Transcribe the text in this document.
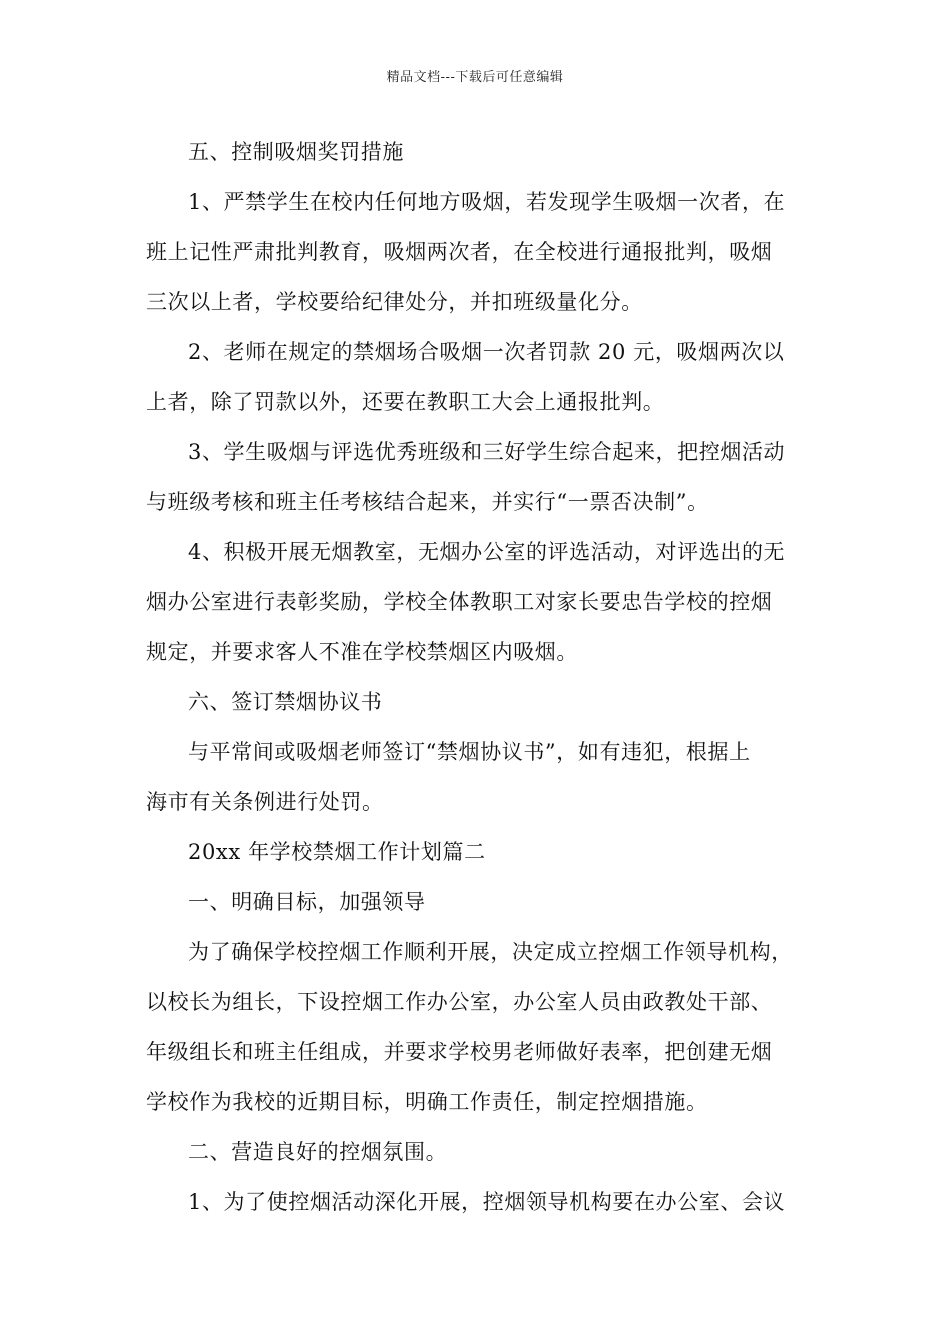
精品文档---下载后可任意编辑
五、控制吸烟奖罚措施
1、严禁学生在校内任何地方吸烟，若发现学生吸烟一次者，在
班上记性严肃批判教育，吸烟两次者，在全校进行通报批判，吸烟
三次以上者，学校要给纪律处分，并扣班级量化分。
2、老师在规定的禁烟场合吸烟一次者罚款 20 元，吸烟两次以
上者，除了罚款以外，还要在教职工大会上通报批判。
3、学生吸烟与评选优秀班级和三好学生综合起来，把控烟活动
与班级考核和班主任考核结合起来，并实行“一票否决制”。
4、积极开展无烟教室，无烟办公室的评选活动，对评选出的无
烟办公室进行表彰奖励，学校全体教职工对家长要忠告学校的控烟
规定，并要求客人不准在学校禁烟区内吸烟。
六、签订禁烟协议书
与平常间或吸烟老师签订“禁烟协议书”，如有违犯，根据上
海市有关条例进行处罚。
20xx 年学校禁烟工作计划篇二
一、明确目标，加强领导
为了确保学校控烟工作顺利开展，决定成立控烟工作领导机构，
以校长为组长，下设控烟工作办公室，办公室人员由政教处干部、
年级组长和班主任组成，并要求学校男老师做好表率，把创建无烟
学校作为我校的近期目标，明确工作责任，制定控烟措施。
二、营造良好的控烟氛围。
1、为了使控烟活动深化开展，控烟领导机构要在办公室、会议
